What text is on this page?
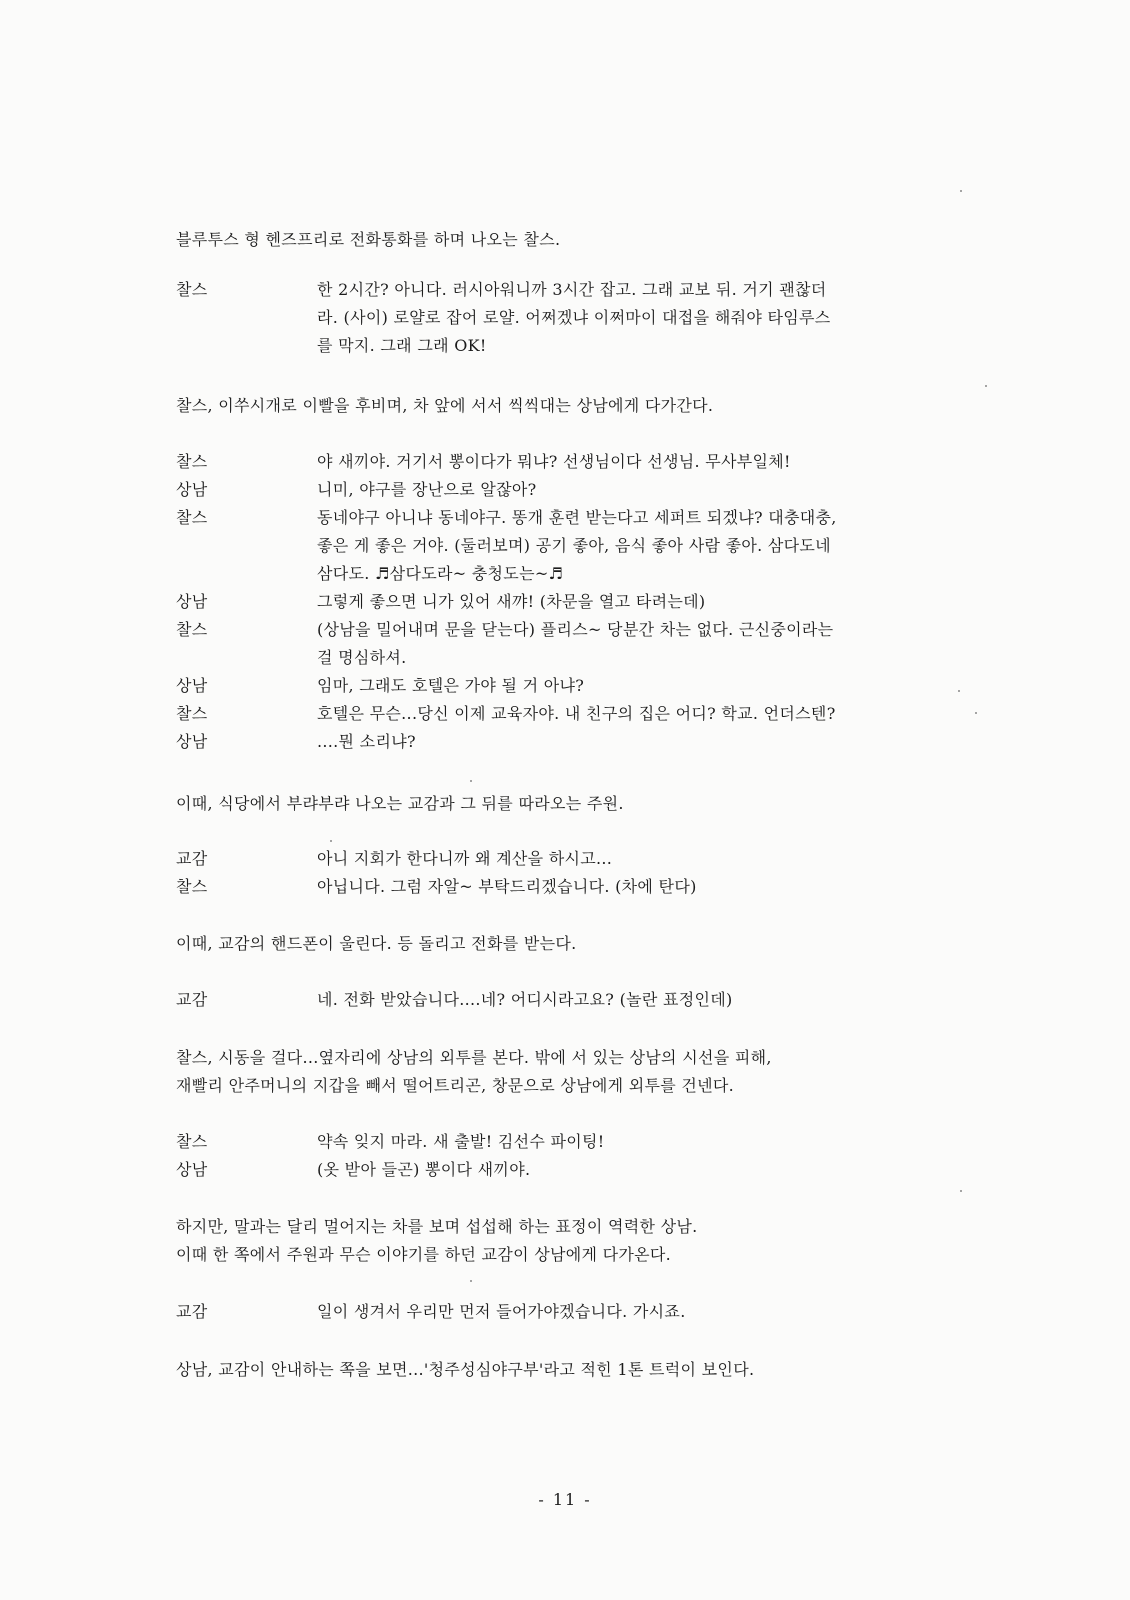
블루투스 형 헨즈프리로 전화통화를 하며 나오는 찰스.
찰스	한 2시간? 아니다. 러시아워니까 3시간 잡고. 그래 교보 뒤. 거기 괜찮더
라. (사이) 로얄로 잡어 로얄. 어쩌겠냐 이쩌마이 대접을 해줘야 타임루스
를 막지. 그래 그래 OK!
찰스, 이쑤시개로 이빨을 후비며, 차 앞에 서서 씩씩대는 상남에게 다가간다.
찰스	야 새끼야. 거기서 뽕이다가 뭐냐? 선생님이다 선생님. 무사부일체!
상남	니미, 야구를 장난으로 알잖아?
찰스	동네야구 아니냐 동네야구. 똥개 훈련 받는다고 세퍼트 되겠냐? 대충대충,
좋은 게 좋은 거야. (둘러보며) 공기 좋아, 음식 좋아 사람 좋아. 삼다도네
삼다도. ♬삼다도라~ 충청도는~♬
상남	그렇게 좋으면 니가 있어 새꺄! (차문을 열고 타려는데)
찰스	(상남을 밀어내며 문을 닫는다) 플리스~ 당분간 차는 없다. 근신중이라는
걸 명심하셔.
상남	임마, 그래도 호텔은 가야 될 거 아냐?
찰스	호텔은 무슨...당신 이제 교육자야. 내 친구의 집은 어디? 학교. 언더스텐?
상남	....뭔 소리냐?
이때, 식당에서 부랴부랴 나오는 교감과 그 뒤를 따라오는 주원.
교감	아니 지회가 한다니까 왜 계산을 하시고...
찰스	아닙니다. 그럼 자알~ 부탁드리겠습니다. (차에 탄다)
이때, 교감의 핸드폰이 울린다. 등 돌리고 전화를 받는다.
교감	네. 전화 받았습니다....네? 어디시라고요? (놀란 표정인데)
찰스, 시동을 걸다...옆자리에 상남의 외투를 본다. 밖에 서 있는 상남의 시선을 피해,
재빨리 안주머니의 지갑을 빼서 떨어트리곤, 창문으로 상남에게 외투를 건넨다.
찰스	약속 잊지 마라. 새 출발! 김선수 파이팅!
상남	(옷 받아 들곤) 뽕이다 새끼야.
하지만, 말과는 달리 멀어지는 차를 보며 섭섭해 하는 표정이 역력한 상남.
이때 한 쪽에서 주원과 무슨 이야기를 하던 교감이 상남에게 다가온다.
교감	일이 생겨서 우리만 먼저 들어가야겠습니다. 가시죠.
상남, 교감이 안내하는 쪽을 보면...'청주성심야구부'라고 적힌 1톤 트럭이 보인다.
- 11 -
